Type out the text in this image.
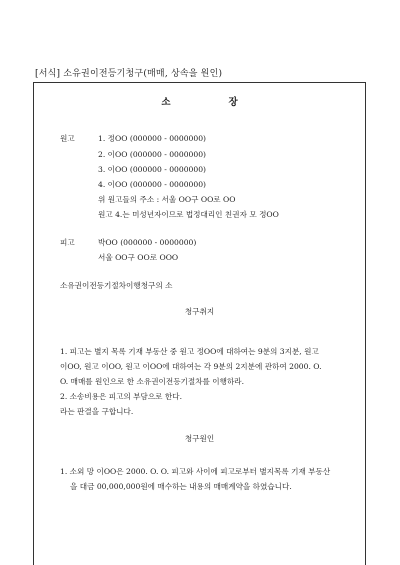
[서식] 소유권이전등기청구(매매, 상속을 원인)
소	장
원고	1. 정OO (000000 - 0000000)
2. 이OO (000000 - 0000000)
3. 이OO (000000 - 0000000)
4. 이OO (000000 - 0000000)
위 원고들의 주소 : 서울 OO구 OO로 OO
원고 4.는 미성년자이므로 법정대리인 친권자 모 정OO
피고	박OO (000000 - 0000000)
서울 OO구 OO로 OOO
소유권이전등기절차이행청구의 소
청구취지
1. 피고는 별지 목록 기재 부동산 중 원고 정OO에 대하여는 9분의 3지분, 원고
이OO, 원고 이OO, 원고 이OO에 대하여는 각 9분의 2지분에 관하여 2000. O.
O. 매매를 원인으로 한 소유권이전등기절차를 이행하라.
2. 소송비용은 피고의 부담으로 한다.
라는 판결을 구합니다.
청구원인
1. 소외 망 이OO은 2000. O. O. 피고와 사이에 피고로부터 별지목록 기재 부동산
을 대금 00,000,000원에 매수하는 내용의 매매계약을 하였습니다.
